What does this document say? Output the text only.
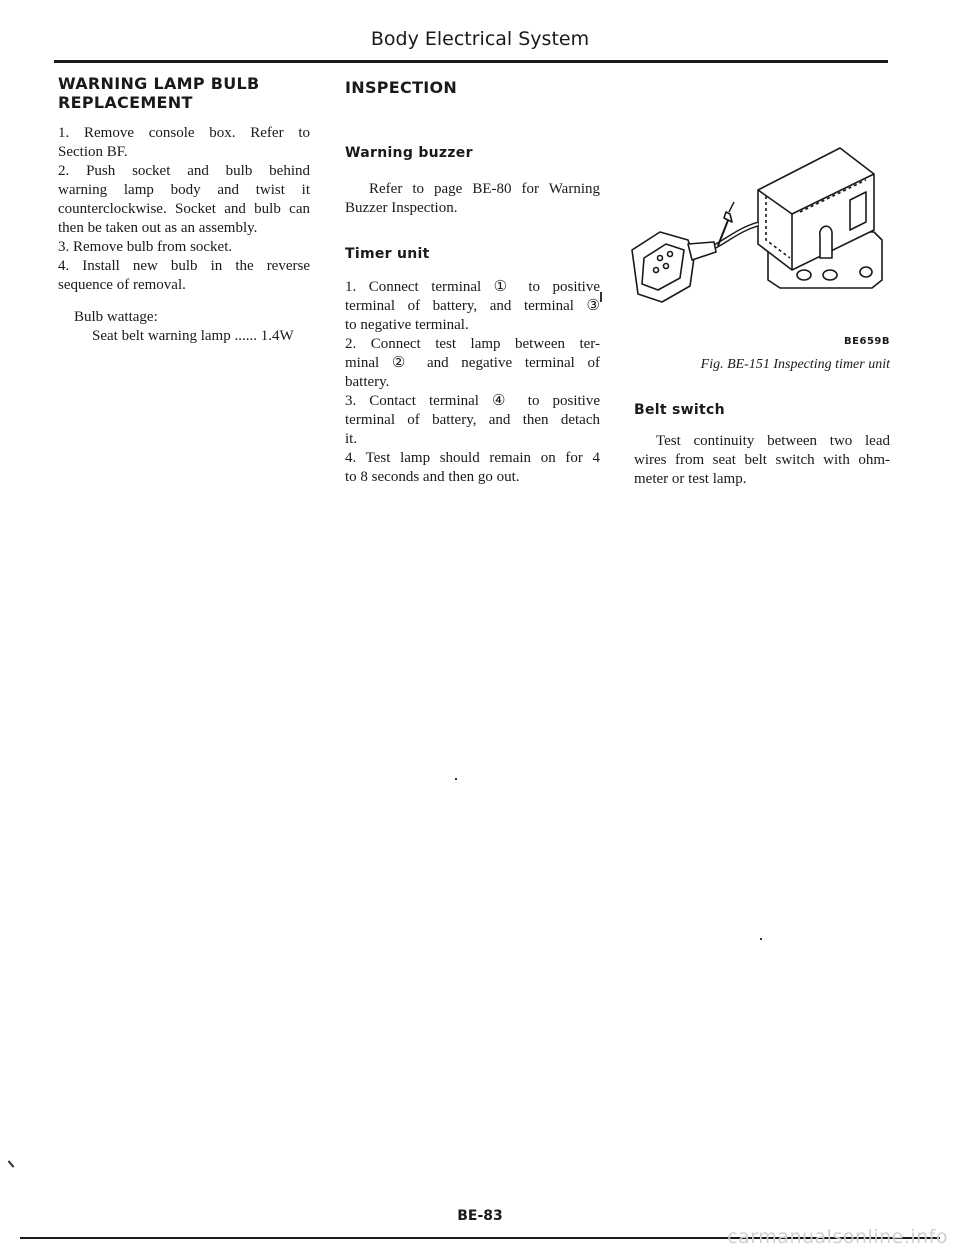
Body Electrical System
WARNING LAMP BULB
REPLACEMENT
1. Remove console box. Refer to
Section BF.
2. Push socket and bulb behind
warning lamp body and twist it
counterclockwise. Socket and bulb can
then be taken out as an assembly.
3. Remove bulb from socket.
4. Install new bulb in the reverse
sequence of removal.
Bulb wattage:
Seat belt warning lamp ...... 1.4W
INSPECTION
Warning buzzer
Refer to page BE-80 for Warning
Buzzer Inspection.
Timer unit
1. Connect terminal ① to positive
terminal of battery, and terminal ③
to negative terminal.
2. Connect test lamp between ter-
minal ② and negative terminal of
battery.
3. Contact terminal ④ to positive
terminal of battery, and then detach
it.
4. Test lamp should remain on for 4
to 8 seconds and then go out.
BE659B
Fig. BE-151 Inspecting timer unit
Belt switch
Test continuity between two lead
wires from seat belt switch with ohm-
meter or test lamp.
BE-83
carmanualsonline.info
